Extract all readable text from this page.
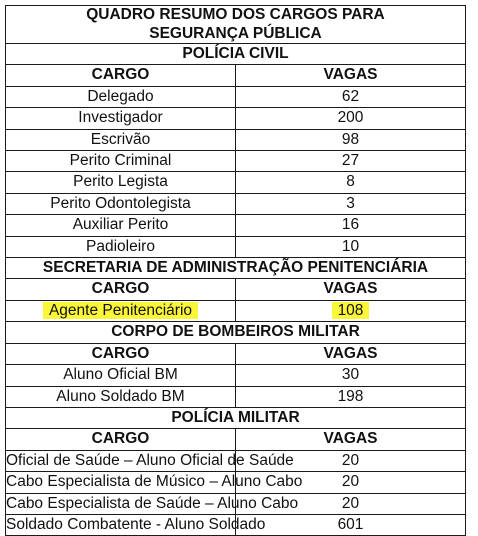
QUADRO RESUMO DOS CARGOS PARA
SEGURANÇA PÚBLICA	
POLÍCIA CIVIL	
CARGO	VAGAS
Delegado	62
Investigador	200
Escrivão	98
Perito Criminal	27
Perito Legista	8
Perito Odontolegista	3
Auxiliar Perito	16
Padioleiro	10
SECRETARIA DE ADMINISTRAÇÃO PENITENCIÁRIA	
CARGO	VAGAS
Agente Penitenciário	108
CORPO DE BOMBEIROS MILITAR	
CARGO	VAGAS
Aluno Oficial BM	30
Aluno Soldado BM	198
POLÍCIA MILITAR	
CARGO	VAGAS
Oficial de Saúde – Aluno Oficial de Saúde	20
Cabo Especialista de Músico – Aluno Cabo	20
Cabo Especialista de Saúde – Aluno Cabo	20
Soldado Combatente - Aluno Soldado	601
